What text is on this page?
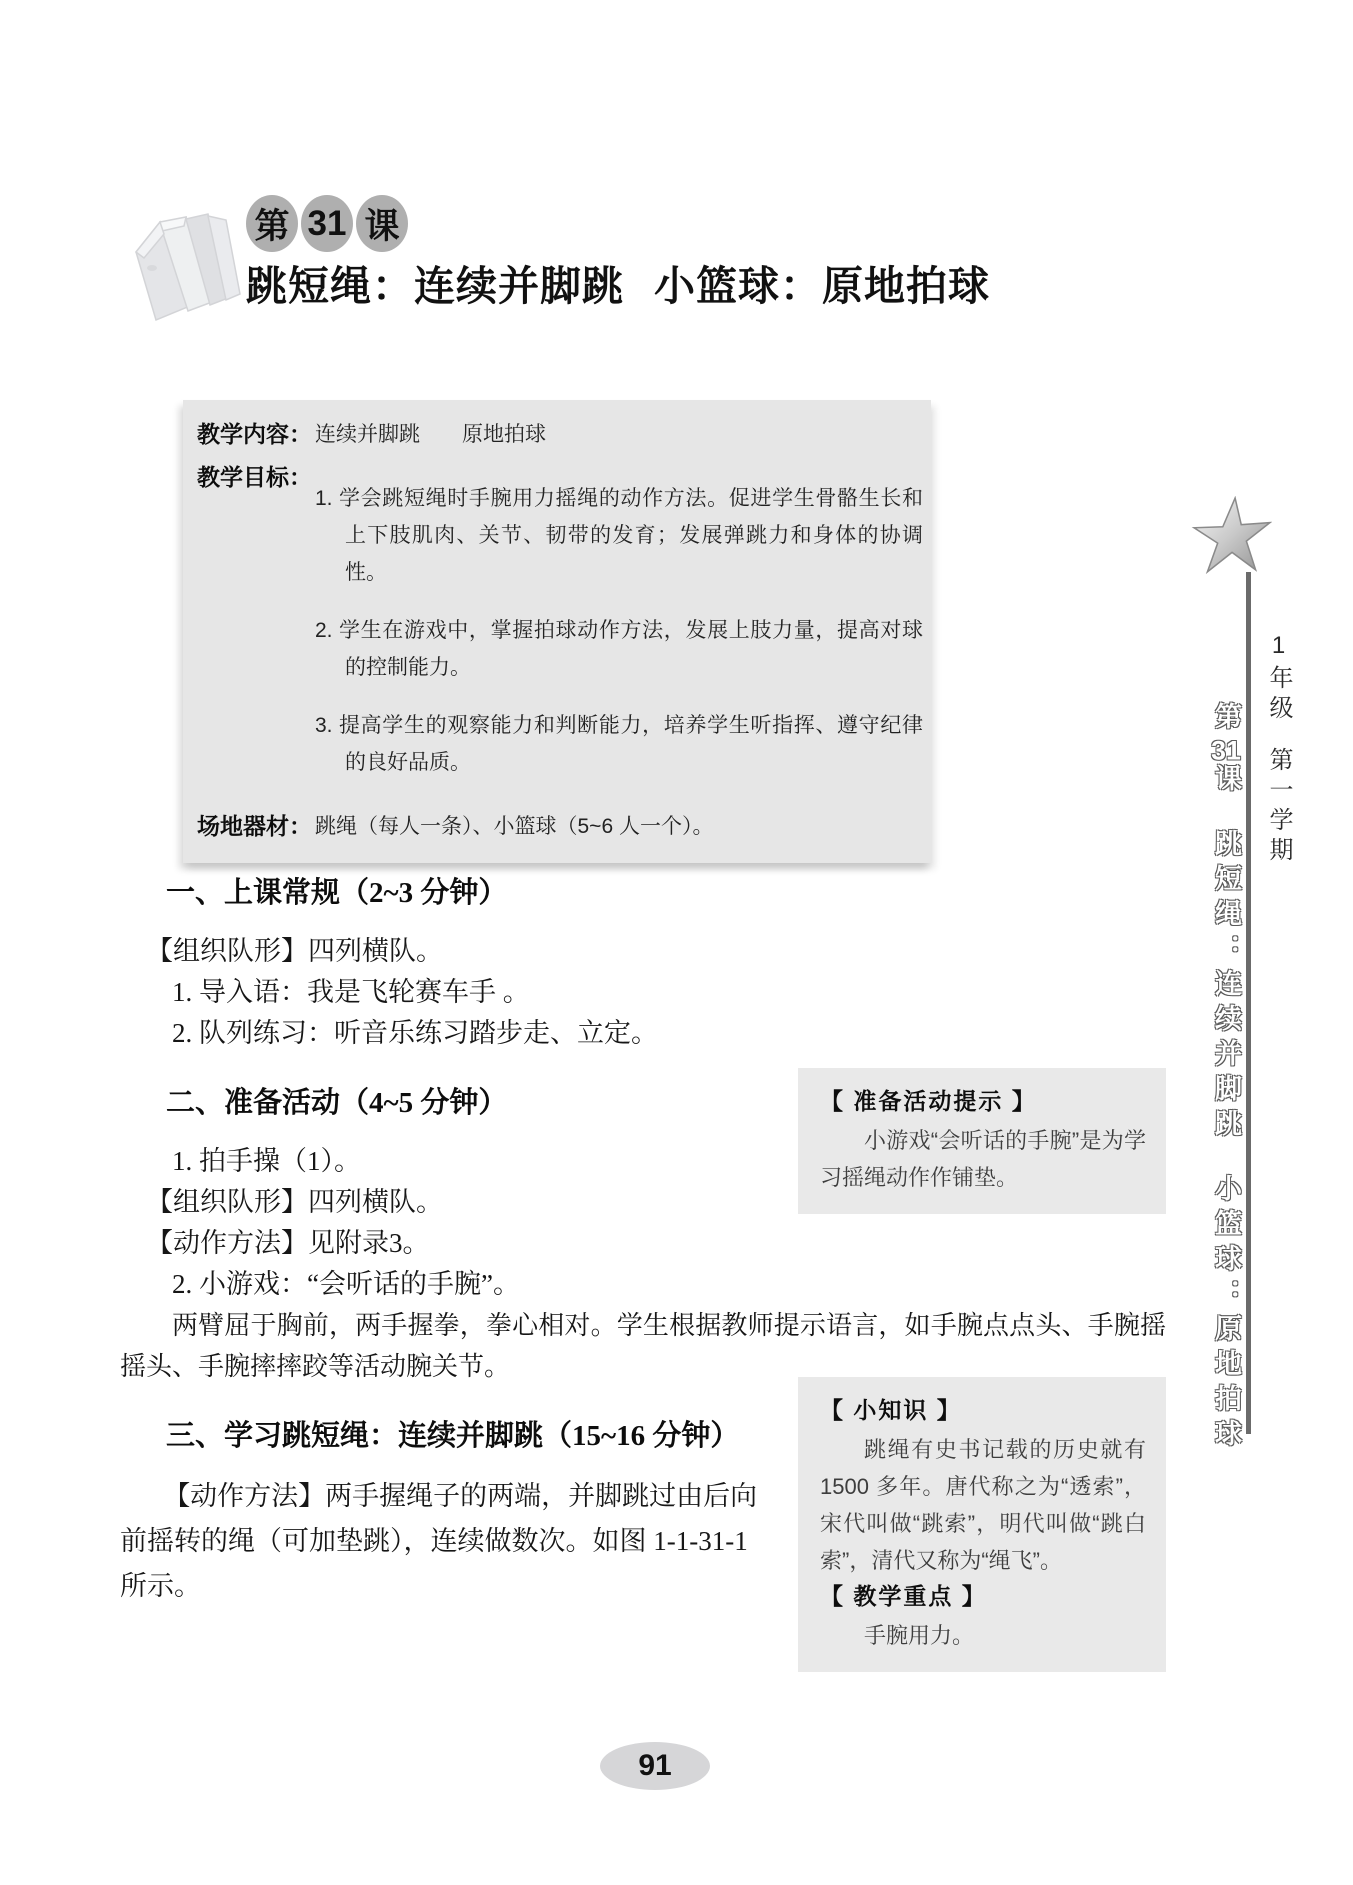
第 31 课
跳短绳：连续并脚跳 小篮球：原地拍球
教学内容： 连续并脚跳　　原地拍球
教学目标：

1. 学会跳短绳时手腕用力摇绳的动作方法。促进学生骨骼生长和上下肢肌肉、关节、韧带的发育；发展弹跳力和身体的协调性。

2. 学生在游戏中，掌握拍球动作方法，发展上肢力量，提高对球的控制能力。

3. 提高学生的观察能力和判断能力，培养学生听指挥、遵守纪律的良好品质。

场地器材： 跳绳（每人一条）、小篮球（5~6 人一个）。
1年级第一学期
第31课跳短绳：连续并脚跳小篮球：原地拍球
一、上课常规（2~3 分钟）

【组织队形】四列横队。

1. 导入语：我是飞轮赛车手 。

2. 队列练习：听音乐练习踏步走、立定。

【 准备活动提示 】

小游戏“会听话的手腕”是为学习摇绳动作作铺垫。

二、准备活动（4~5 分钟）

1. 拍手操（1）。

【组织队形】四列横队。

【动作方法】见附录3。

2. 小游戏：“会听话的手腕”。

两臂屈于胸前，两手握拳，拳心相对。学生根据教师提示语言，如手腕点点头、手腕摇摇头、手腕摔摔跤等活动腕关节。

【 小知识 】

跳绳有史书记载的历史就有 1500 多年。唐代称之为“透索”，宋代叫做“跳索”，明代叫做“跳白索”，清代又称为“绳飞”。

【 教学重点 】

手腕用力。

三、学习跳短绳：连续并脚跳（15~16 分钟）

【动作方法】两手握绳子的两端，并脚跳过由后向前摇转的绳（可加垫跳），连续做数次。如图 1-1-31-1 所示。

91
